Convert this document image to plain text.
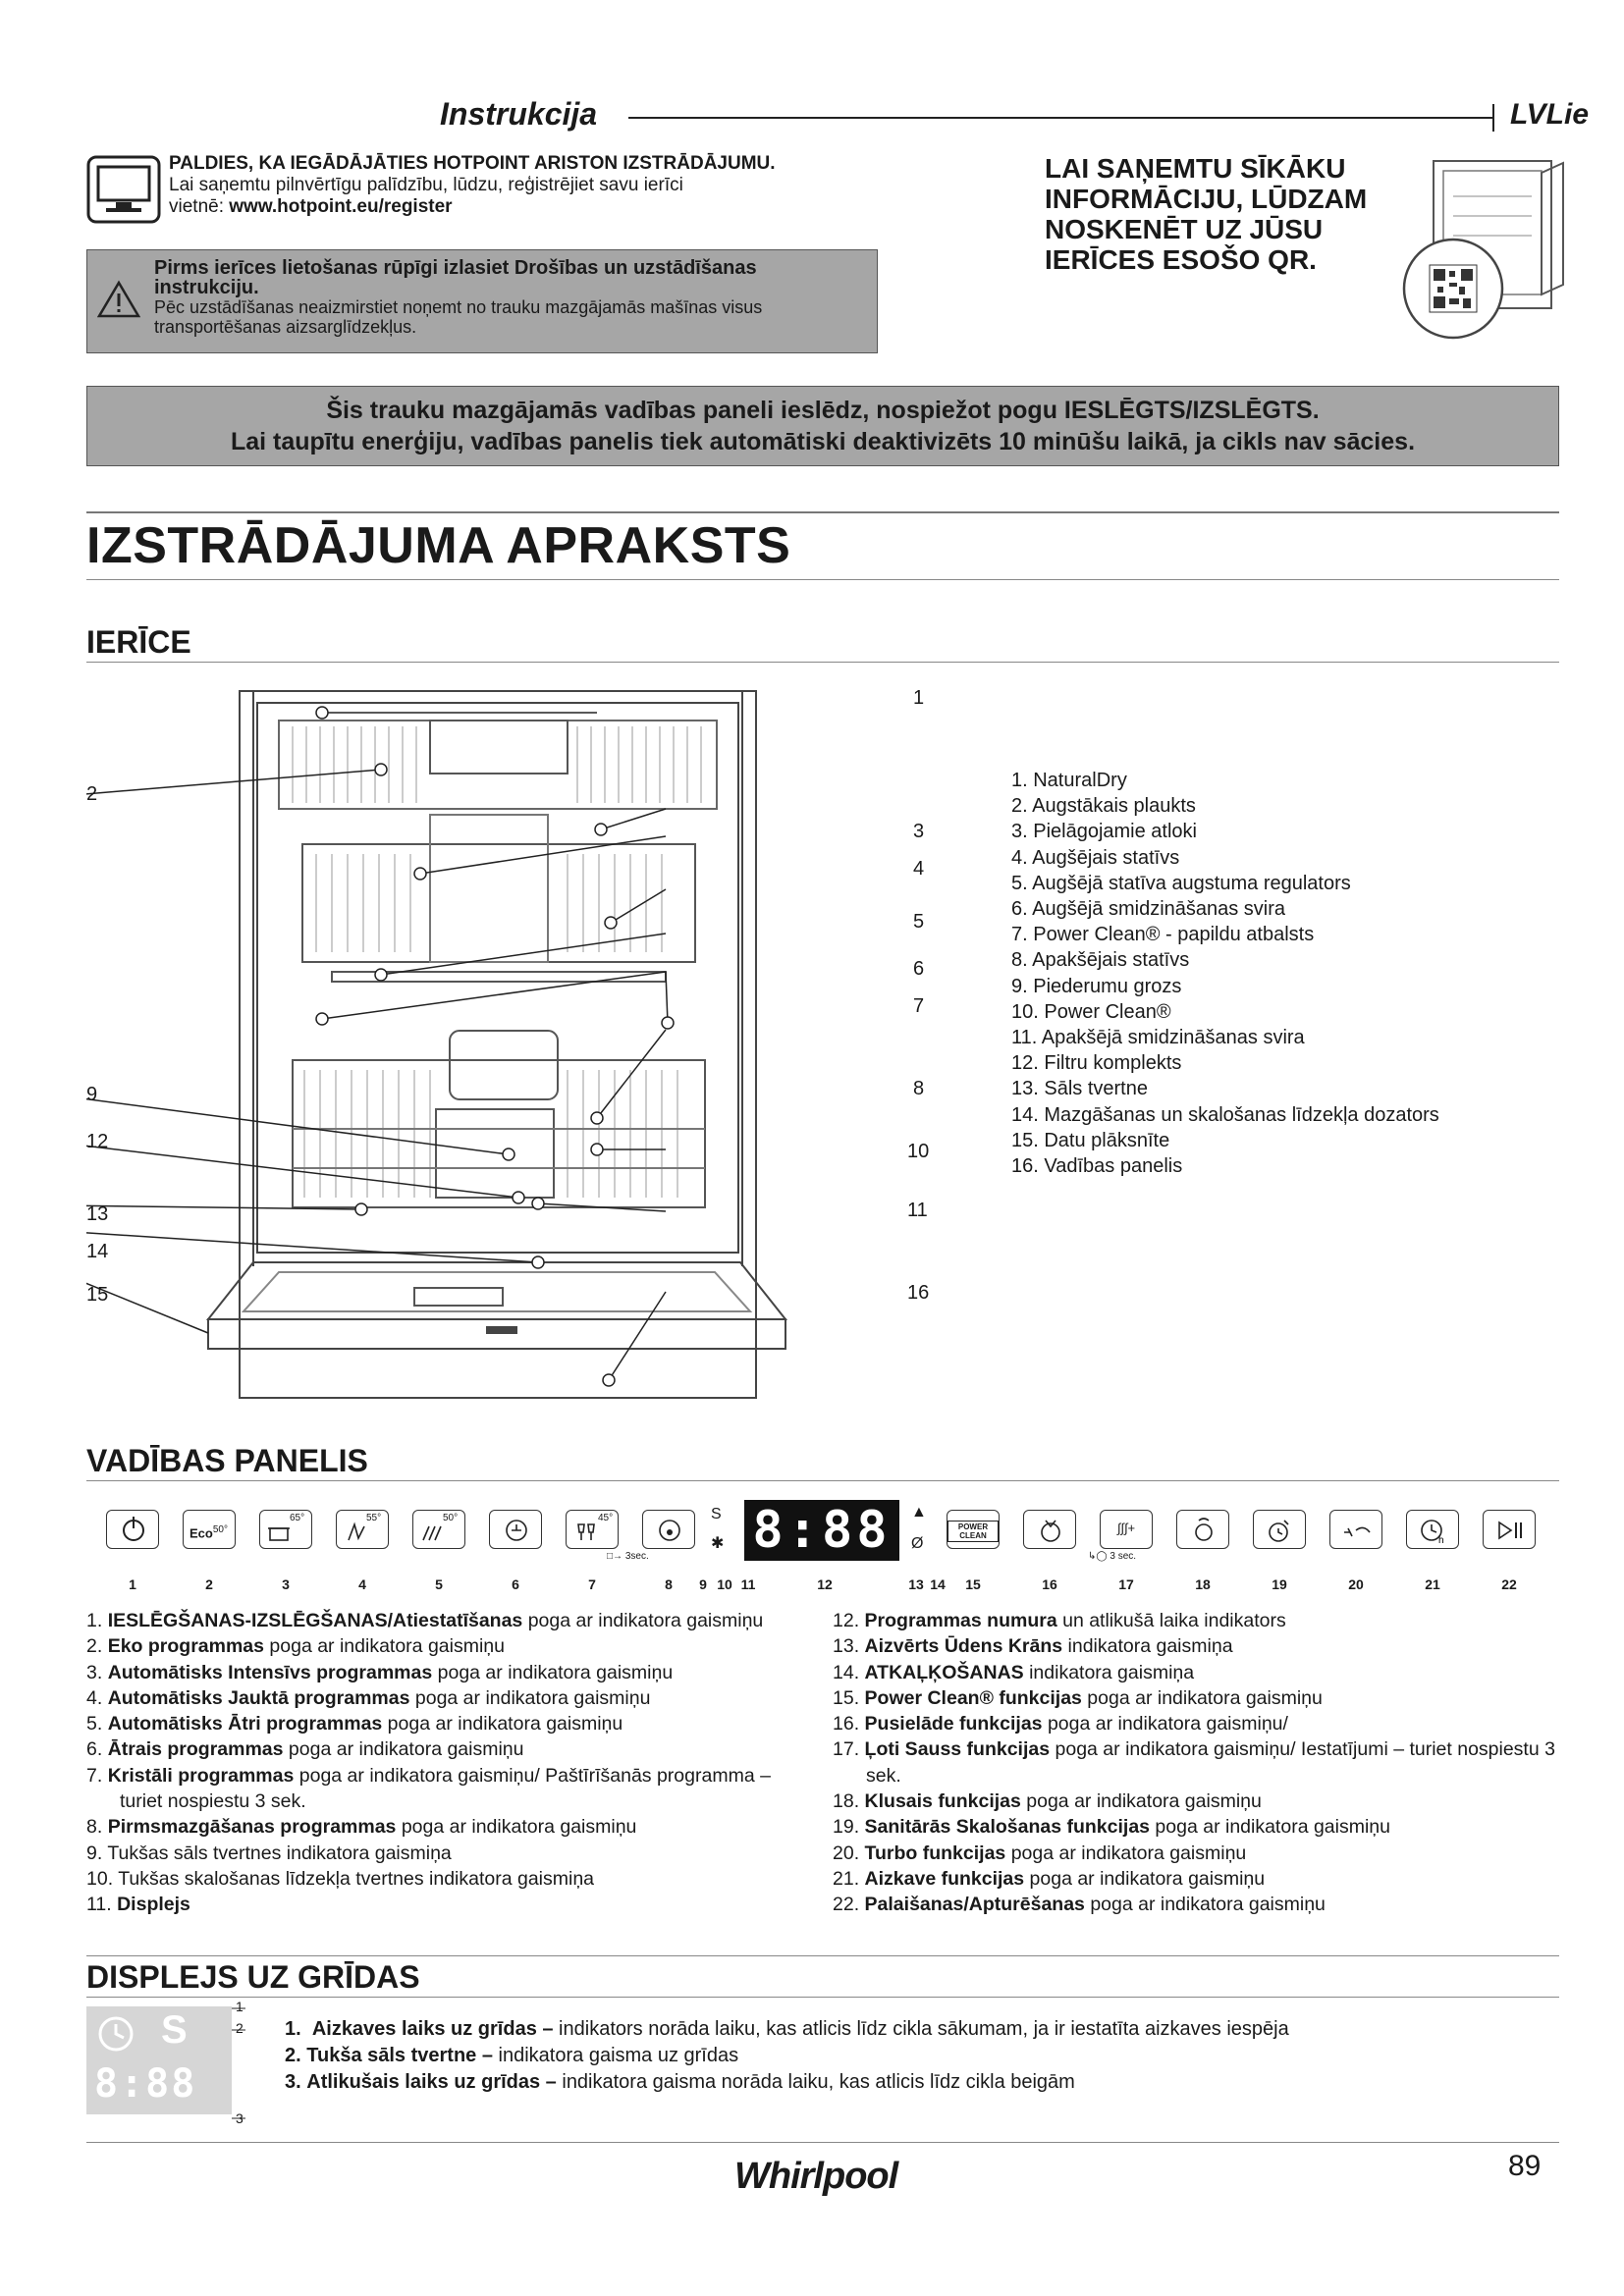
Instrukcija	LVLie
PALDIES, KA IEGĀDĀJĀTIES HOTPOINT ARISTON IZSTRĀDĀJUMU.
Lai saņemtu pilnvērtīgu palīdzību, lūdzu, reģistrējiet savu ierīci
vietnē: www.hotpoint.eu/register
Pirms ierīces lietošanas rūpīgi izlasiet Drošības un uzstādīšanas instrukciju.
Pēc uzstādīšanas neaizmirstiet noņemt no trauku mazgājamās mašīnas visus transportēšanas aizsarglīdzekļus.
LAI SAŅEMTU SĪKĀKU
INFORMĀCIJU, LŪDZAM
NOSKENĒT UZ JŪSU
IERĪCES ESOŠO QR.
Šis trauku mazgājamās vadības paneli ieslēdz, nospiežot pogu IESLĒGTS/IZSLĒGTS.
Lai taupītu enerģiju, vadības panelis tiek automātiski deaktivizēts 10 minūšu laikā, ja cikls nav sācies.
IZSTRĀDĀJUMA APRAKSTS
IERĪCE
2
9
12
13
14
15
1
3
4
5
6
7
8
10
11
16
1. NaturalDry
2. Augstākais plaukts
3. Pielāgojamie atloki
4. Augšējais statīvs
5. Augšējā statīva augstuma regulators
6. Augšējā smidzināšanas svira
7. Power Clean® - papildu atbalsts
8. Apakšējais statīvs
9. Piederumu grozs
10. Power Clean®
11. Apakšējā smidzināšanas svira
12. Filtru komplekts
13. Sāls tvertne
14. Mazgāšanas un skalošanas līdzekļa dozators
15. Datu plāksnīte
16. Vadības panelis
VADĪBAS PANELIS
Eco$^{50^\circ}$
65°	55°	50°	45°
□→ 3sec.
S
✱ 8:88	▲
Ø
POWER CLEAN
∫∫∫+
↳◯ 3 sec.
h
1	2	3	4	5	6	7	8	9 10 11	12	13 14	15	16	17	18	19	20	21	22
1. IESLĒGŠANAS-IZSLĒGŠANAS/Atiestatīšanas poga ar indikatora gaismiņu
2. Eko programmas poga ar indikatora gaismiņu
3. Automātisks Intensīvs programmas poga ar indikatora gaismiņu
4. Automātisks Jauktā programmas poga ar indikatora gaismiņu
5. Automātisks Ātri programmas poga ar indikatora gaismiņu
6. Ātrais programmas poga ar indikatora gaismiņu
7. Kristāli programmas poga ar indikatora gaismiņu/ Paštīrīšanās programma – turiet nospiestu 3 sek.
8. Pirmsmazgāšanas programmas poga ar indikatora gaismiņu
9. Tukšas sāls tvertnes indikatora gaismiņa
10. Tukšas skalošanas līdzekļa tvertnes indikatora gaismiņa
11. Displejs
12. Programmas numura un atlikušā laika indikators
13. Aizvērts Ūdens Krāns indikatora gaismiņa
14. ATKAĻĶOŠANAS indikatora gaismiņa
15. Power Clean® funkcijas poga ar indikatora gaismiņu
16. Pusielāde funkcijas poga ar indikatora gaismiņu/
17. Ļoti Sauss funkcijas poga ar indikatora gaismiņu/ Iestatījumi – turiet nospiestu 3 sek.
18. Klusais funkcijas poga ar indikatora gaismiņu
19. Sanitārās Skalošanas funkcijas poga ar indikatora gaismiņu
20. Turbo funkcijas poga ar indikatora gaismiņu
21. Aizkave funkcijas poga ar indikatora gaismiņu
22. Palaišanas/Apturēšanas poga ar indikatora gaismiņu
DISPLEJS UZ GRĪDAS
S
8:88
1
2
3
1. Aizkaves laiks uz grīdas – indikators norāda laiku, kas atlicis līdz cikla sākumam, ja ir iestatīta aizkaves iespēja
2. Tukša sāls tvertne – indikatora gaisma uz grīdas
3. Atlikušais laiks uz grīdas – indikatora gaisma norāda laiku, kas atlicis līdz cikla beigām
Whirlpool	89
